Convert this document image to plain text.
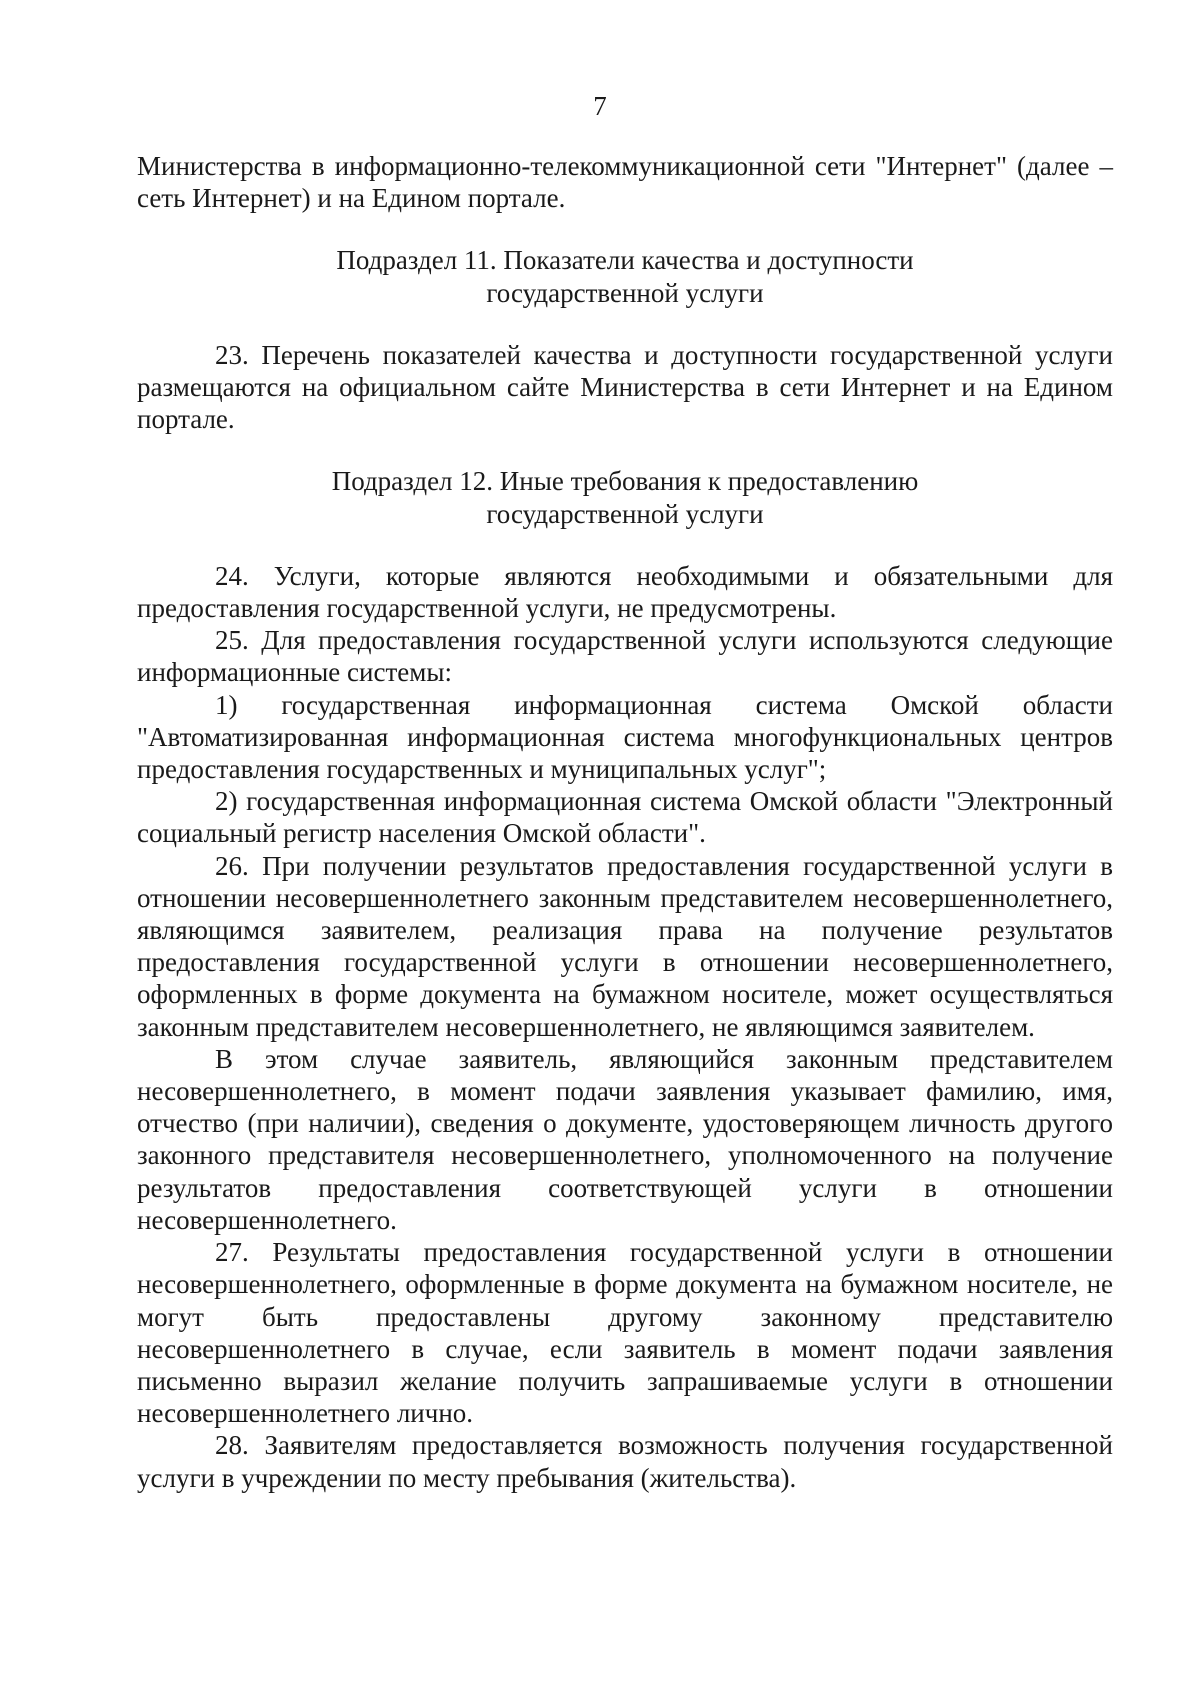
7

Министерства в информационно-телекоммуникационной сети "Интернет" (далее – сеть Интернет) и на Едином портале.

Подраздел 11. Показатели качества и доступности

государственной услуги

23. Перечень показателей качества и доступности государственной услуги размещаются на официальном сайте Министерства в сети Интернет и на Едином портале.

Подраздел 12. Иные требования к предоставлению

государственной услуги

24. Услуги, которые являются необходимыми и обязательными для предоставления государственной услуги, не предусмотрены.

25. Для предоставления государственной услуги используются следующие информационные системы:

1) государственная информационная система Омской области "Автоматизированная информационная система многофункциональных центров предоставления государственных и муниципальных услуг";

2) государственная информационная система Омской области "Электронный социальный регистр населения Омской области".

26. При получении результатов предоставления государственной услуги в отношении несовершеннолетнего законным представителем несовершеннолетнего, являющимся заявителем, реализация права на получение результатов предоставления государственной услуги в отношении несовершеннолетнего, оформленных в форме документа на бумажном носителе, может осуществляться законным представителем несовершеннолетнего, не являющимся заявителем.

В этом случае заявитель, являющийся законным представителем несовершеннолетнего, в момент подачи заявления указывает фамилию, имя, отчество (при наличии), сведения о документе, удостоверяющем личность другого законного представителя несовершеннолетнего, уполномоченного на получение результатов предоставления соответствующей услуги в отношении несовершеннолетнего.

27. Результаты предоставления государственной услуги в отношении несовершеннолетнего, оформленные в форме документа на бумажном носителе, не могут быть предоставлены другому законному представителю несовершеннолетнего в случае, если заявитель в момент подачи заявления письменно выразил желание получить запрашиваемые услуги в отношении несовершеннолетнего лично.

28. Заявителям предоставляется возможность получения государственной услуги в учреждении по месту пребывания (жительства).
